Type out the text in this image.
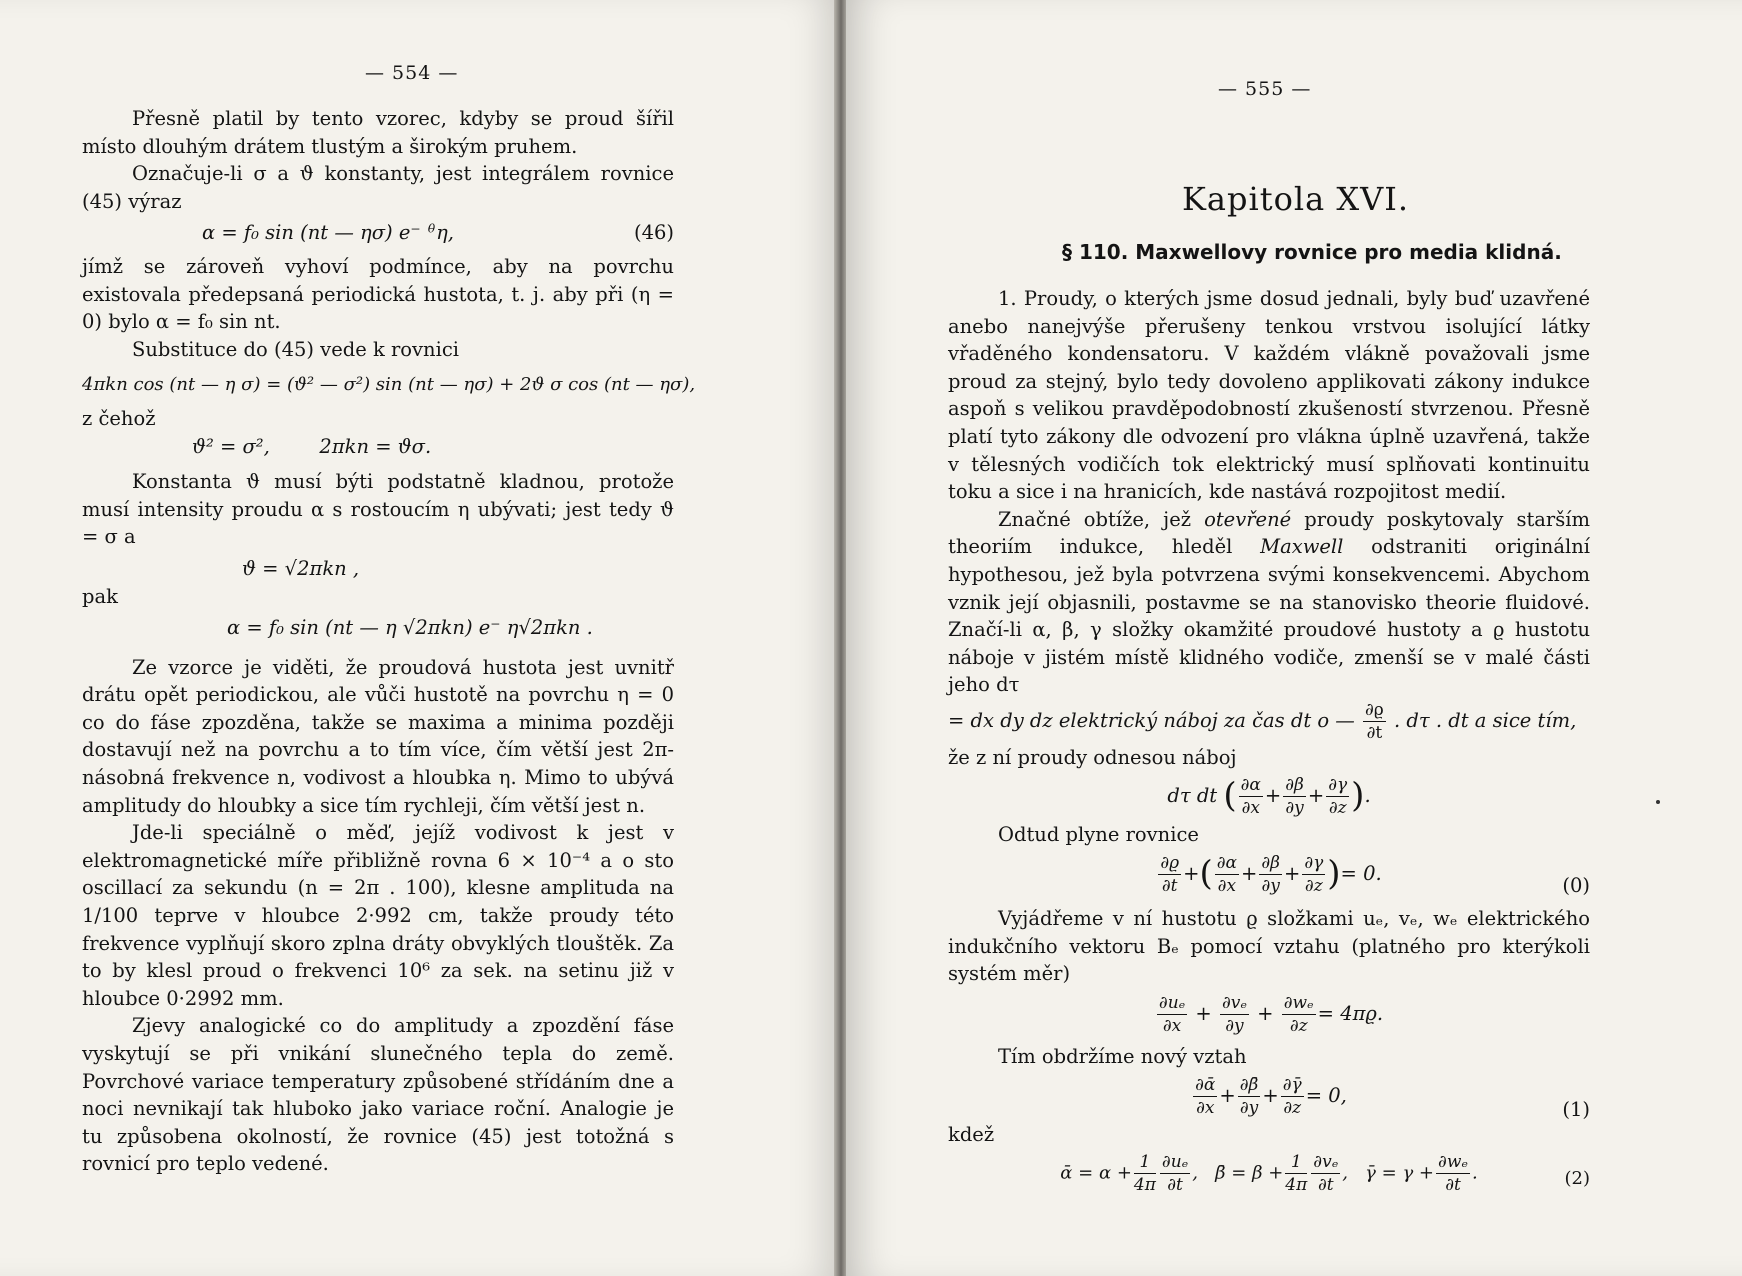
— 554 —

Přesně platil by tento vzorec, kdyby se proud šířil místo dlouhým drátem tlustým a širokým pruhem.

Označuje-li σ a ϑ konstanty, jest integrálem rovnice (45) výraz

α = f₀ sin (nt — ησ) e⁻ ᶿη,	(46)

jímž se zároveň vyhoví podmínce, aby na povrchu existovala předepsaná periodická hustota, t. j. aby při (η = 0) bylo α = f₀ sin nt.

Substituce do (45) vede k rovnici

4πkn cos (nt — η σ) = (ϑ² — σ²) sin (nt — ησ) + 2ϑ σ cos (nt — ησ),

z čehož

ϑ² = σ²,        2πkn = ϑσ.

Konstanta ϑ musí býti podstatně kladnou, protože musí intensity proudu α s rostoucím η ubývati; jest tedy ϑ = σ a

ϑ = √2πkn ,

pak

α = f₀ sin (nt — η √2πkn) e⁻ η√2πkn .

Ze vzorce je viděti, že proudová hustota jest uvnitř drátu opět periodickou, ale vůči hustotě na povrchu η = 0 co do fáse zpozděna, takže se maxima a minima později dostavují než na povrchu a to tím více, čím větší jest 2π-násobná frekvence n, vodivost a hloubka η. Mimo to ubývá amplitudy do hloubky a sice tím rychleji, čím větší jest n.

Jde-li speciálně o měď, jejíž vodivost k jest v elektromagnetické míře přibližně rovna 6 × 10⁻⁴ a o sto oscillací za sekundu (n = 2π . 100), klesne amplituda na 1/100 teprve v hloubce 2·992 cm, takže proudy této frekvence vyplňují skoro zplna dráty obvyklých tlouštěk. Za to by klesl proud o frekvenci 10⁶ za sek. na setinu již v hloubce 0·2992 mm.

Zjevy analogické co do amplitudy a zpozdění fáse vyskytují se při vnikání slunečného tepla do země. Povrchové variace temperatury způsobené střídáním dne a noci nevnikají tak hluboko jako variace roční. Analogie je tu způsobena okolností, že rovnice (45) jest totožná s rovnicí pro teplo vedené.

— 555 —
Kapitola XVI.
§ 110. Maxwellovy rovnice pro media klidná.

1. Proudy, o kterých jsme dosud jednali, byly buď uzavřené anebo nanejvýše přerušeny tenkou vrstvou isolující látky vřaděného kondensatoru. V každém vlákně považovali jsme proud za stejný, bylo tedy dovoleno applikovati zákony indukce aspoň s velikou pravděpodobností zkušeností stvrzenou. Přesně platí tyto zákony dle odvození pro vlákna úplně uzavřená, takže v tělesných vodičích tok elektrický musí splňovati kontinuitu toku a sice i na hranicích, kde nastává rozpojitost medií.

Značné obtíže, jež otevřené proudy poskytovaly starším theoriím indukce, hleděl Maxwell odstraniti originální hypothesou, jež byla potvrzena svými konsekvencemi. Abychom vznik její objasnili, postavme se na stanovisko theorie fluidové. Značí-li α, β, γ složky okamžité proudové hustoty a ϱ hustotu náboje v jistém místě klidného vodiče, zmenší se v malé části jeho dτ

= dx dy dz elektrický náboj za čas dt o — $\frac{\partial ϱ}{\partial t}$ . dτ . dt a sice tím,

že z ní proudy odnesou náboj

dτ dt ( $\frac{\partial\alpha}{\partial x} + \frac{\partial\beta}{\partial y} + \frac{\partial\gamma}{\partial z}$ ).

Odtud plyne rovnice

$\frac{\partial ϱ}{\partial t}$ +( $\frac{\partial\alpha}{\partial x} + \frac{\partial\beta}{\partial y} + \frac{\partial\gamma}{\partial z}$ )= 0.
(0)

Vyjádřeme v ní hustotu ϱ složkami uₑ, vₑ, wₑ elektrického indukčního vektoru Bₑ pomocí vztahu (platného pro kterýkoli systém měr)

$\frac{\text{∂uₑ}}{\partial x} + \frac{\text{∂vₑ}}{\partial y} + \frac{\text{∂wₑ}}{\partial z} = 4\pi ϱ$.

Tím obdržíme nový vztah

$\frac{\text{∂ᾱ}}{\partial x} + \frac{\partial\betā}{\partial y} + \frac{\partial\gammā}{\partial z} = 0$,
(1)

kdež

ᾱ = $\alpha + \frac{1}{4\pi} \frac{\text{∂uₑ}}{\partial t}$ ,   β̄ = $\beta + \frac{1}{4\pi} \frac{\text{∂vₑ}}{\partial t}$ ,   γ̄ = $\gamma + \frac{\text{∂wₑ}}{\partial t}$ .	(2)
